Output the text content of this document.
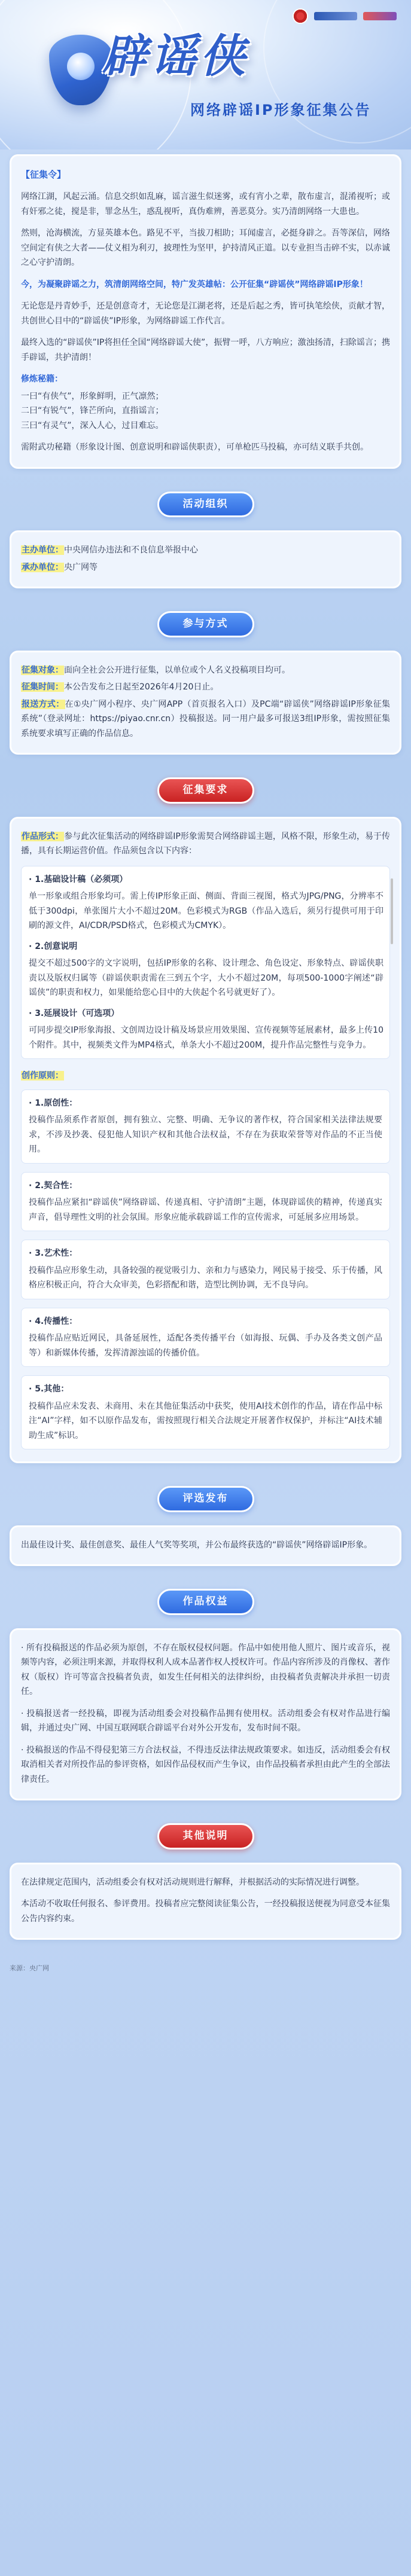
辟谣侠
网络辟谣IP形象征集公告

【征集令】

网络江湖，风起云涌。信息交织如乱麻，谣言滋生似迷雾，或有宵小之辈，散布虚言，混淆视听；或有奸邪之徒，搅是非，罪念丛生，惑乱视听，真伪难辨，善恶莫分。实乃清朗网络一大患也。

然则，沧海横流，方显英雄本色。路见不平，当拔刀相助；耳闻虚言，必挺身辟之。吾等深信，网络空间定有侠之大者——仗义相为利刃，披理性为坚甲，护持清风正道。以专业担当击碎不实，以赤诚之心守护清朗。

今，为凝聚辟谣之力，筑清朗网络空间，特广发英雄帖：公开征集“辟谣侠”网络辟谣IP形象！

无论您是丹青妙手，还是创意奇才，无论您是江湖老将，还是后起之秀，皆可执笔绘侠，贡献才智，共创世心目中的“辟谣侠”IP形象，为网络辟谣工作代言。

最终入选的“辟谣侠”IP将担任全国“网络辟谣大使”，振臂一呼，八方响应；激浊扬清，扫除谣言；携手辟谣，共护清朗！

修炼秘籍：

一曰“有侠气”，形象鲜明，正气凛然；

二曰“有锐气”，锋芒所向，直指谣言；

三曰“有灵气”，深入人心，过目难忘。

需附武功秘籍（形象设计图、创意说明和辟谣侠职责），可单枪匹马投稿，亦可结义联手共创。

活动组织

主办单位：中央网信办违法和不良信息举报中心

承办单位：央广网等

参与方式

征集对象：面向全社会公开进行征集，以单位或个人名义投稿项目均可。

征集时间：本公告发布之日起至2026年4月20日止。

报送方式：在①央广网小程序、央广网APP（首页报名入口）及PC端“辟谣侠”网络辟谣IP形象征集系统”（登录网址：https://piyao.cnr.cn）投稿报送。同一用户最多可报送3组IP形象，需按照征集系统要求填写正确的作品信息。

征集要求

作品形式：参与此次征集活动的网络辟谣IP形象需契合网络辟谣主题，风格不限，形象生动，易于传播，具有长期运营价值。作品须包含以下内容：

· 1.基础设计稿（必须项）

单一形象或组合形象均可。需上传IP形象正面、侧面、背面三视图，格式为JPG/PNG，分辨率不低于300dpi，单张图片大小不超过20M。色彩模式为RGB（作品入选后，须另行提供可用于印刷的源文件，AI/CDR/PSD格式，色彩模式为CMYK）。

· 2.创意说明

提交不超过500字的文字说明，包括IP形象的名称、设计理念、角色设定、形象特点、辟谣侠职责以及版权归属等（辟谣侠职责需在三到五个字，大小不超过20M，每项500-1000字阐述“辟谣侠”的职责和权力，如果能给您心目中的大侠起个名号就更好了）。

· 3.延展设计（可选项）

可同步提交IP形象海报、文创周边设计稿及场景应用效果图、宣传视频等延展素材，最多上传10个附件。其中，视频类文件为MP4格式，单条大小不超过200M，提升作品完整性与竞争力。

创作原则：

· 1.原创性：

投稿作品须系作者原创，拥有独立、完整、明确、无争议的著作权，符合国家相关法律法规要求，不涉及抄袭、侵犯他人知识产权和其他合法权益，不存在为获取荣誉等对作品的不正当使用。

· 2.契合性：

投稿作品应紧扣“辟谣侠”网络辟谣、传递真相、守护清朗”主题，体现辟谣侠的精神，传递真实声音，倡导理性文明的社会氛围。形象应能承载辟谣工作的宣传需求，可延展多应用场景。

· 3.艺术性：

投稿作品应形象生动，具备较强的视觉吸引力、亲和力与感染力，网民易于接受、乐于传播，风格应积极正向，符合大众审美，色彩搭配和谐，造型比例协调，无不良导向。

· 4.传播性：

投稿作品应贴近网民，具备延展性，适配各类传播平台（如海报、玩偶、手办及各类文创产品等）和新媒体传播，发挥清源浊谣的传播价值。

· 5.其他：

投稿作品应未发表、未商用、未在其他征集活动中获奖，使用AI技术创作的作品，请在作品中标注“AI”字样，如不以原作品发布，需按照现行相关合法规定开展著作权保护，并标注“AI技术辅助生成”标识。

评选发布

出最佳设计奖、最佳创意奖、最佳人气奖等奖项，并公布最终获选的“辟谣侠”网络辟谣IP形象。

作品权益

· 所有投稿报送的作品必须为原创，不存在版权侵权问题。作品中如使用他人照片、图片或音乐，视频等内容，必须注明来源，并取得权利人成本品著作权人授权许可。作品内容所涉及的肖像权、著作权（版权）许可等富含投稿者负责，如发生任何相关的法律纠纷，由投稿者负责解决并承担一切责任。

· 投稿报送者一经投稿，即视为活动组委会对投稿作品拥有使用权。活动组委会有权对作品进行编辑，并通过央广网、中国互联网联合辟谣平台对外公开发布，发布时间不限。

· 投稿报送的作品不得侵犯第三方合法权益，不得违反法律法规政策要求。如违反，活动组委会有权取消相关者对所投作品的参评资格，如因作品侵权而产生争议，由作品投稿者承担由此产生的全部法律责任。

其他说明

在法律规定范围内，活动组委会有权对活动规则进行解释，并根据活动的实际情况进行调整。

本活动不收取任何报名、参评费用。投稿者应完整阅读征集公告，一经投稿报送便视为同意受本征集公告内容约束。

来源：央广网
